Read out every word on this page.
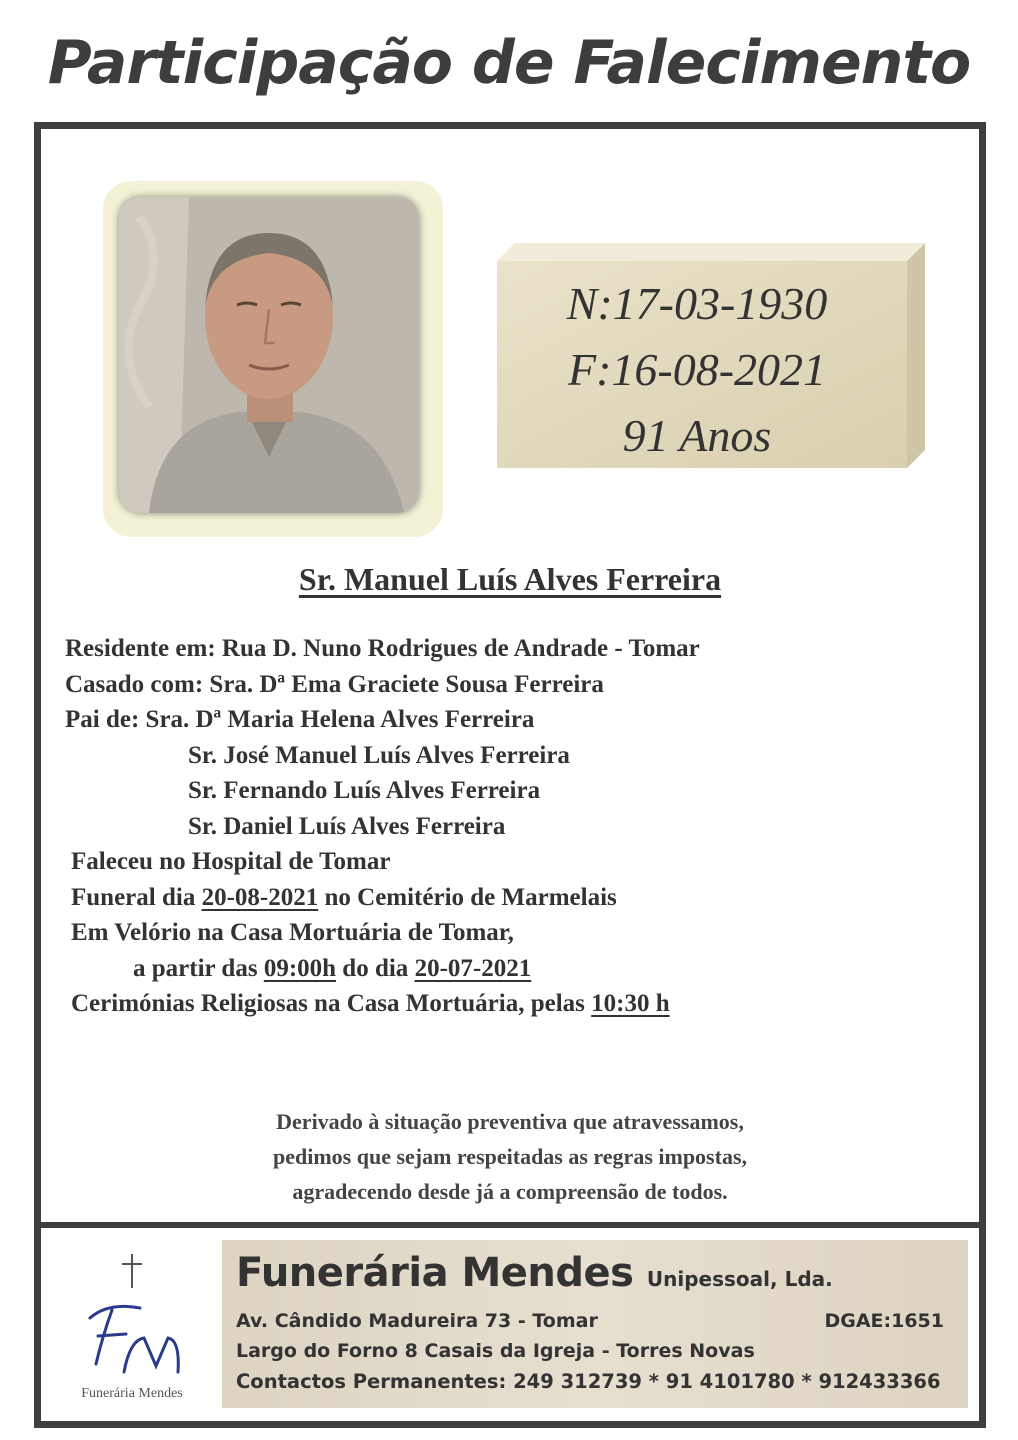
Participação de Falecimento
N:17-03-1930
F:16-08-2021
91 Anos
Sr. Manuel Luís Alves Ferreira
Residente em: Rua D. Nuno Rodrigues de Andrade - Tomar
Casado com: Sra. Dª Ema Graciete Sousa Ferreira
Pai de: Sra. Dª Maria Helena Alves Ferreira
Sr. José Manuel Luís Alves Ferreira
Sr. Fernando Luís Alves Ferreira
Sr. Daniel Luís Alves Ferreira
Faleceu no Hospital de Tomar
Funeral dia 20-08-2021 no Cemitério de Marmelais
Em Velório na Casa Mortuária de Tomar,
a partir das 09:00h do dia 20-07-2021
Cerimónias Religiosas na Casa Mortuária, pelas 10:30 h
Derivado à situação preventiva que atravessamos,
pedimos que sejam respeitadas as regras impostas,
agradecendo desde já a compreensão de todos.
Funerária Mendes
Funerária Mendes Unipessoal, Lda.
Av. Cândido Madureira 73 - Tomar	DGAE:1651
Largo do Forno 8 Casais da Igreja - Torres Novas
Contactos Permanentes: 249 312739 * 91 4101780 * 912433366
